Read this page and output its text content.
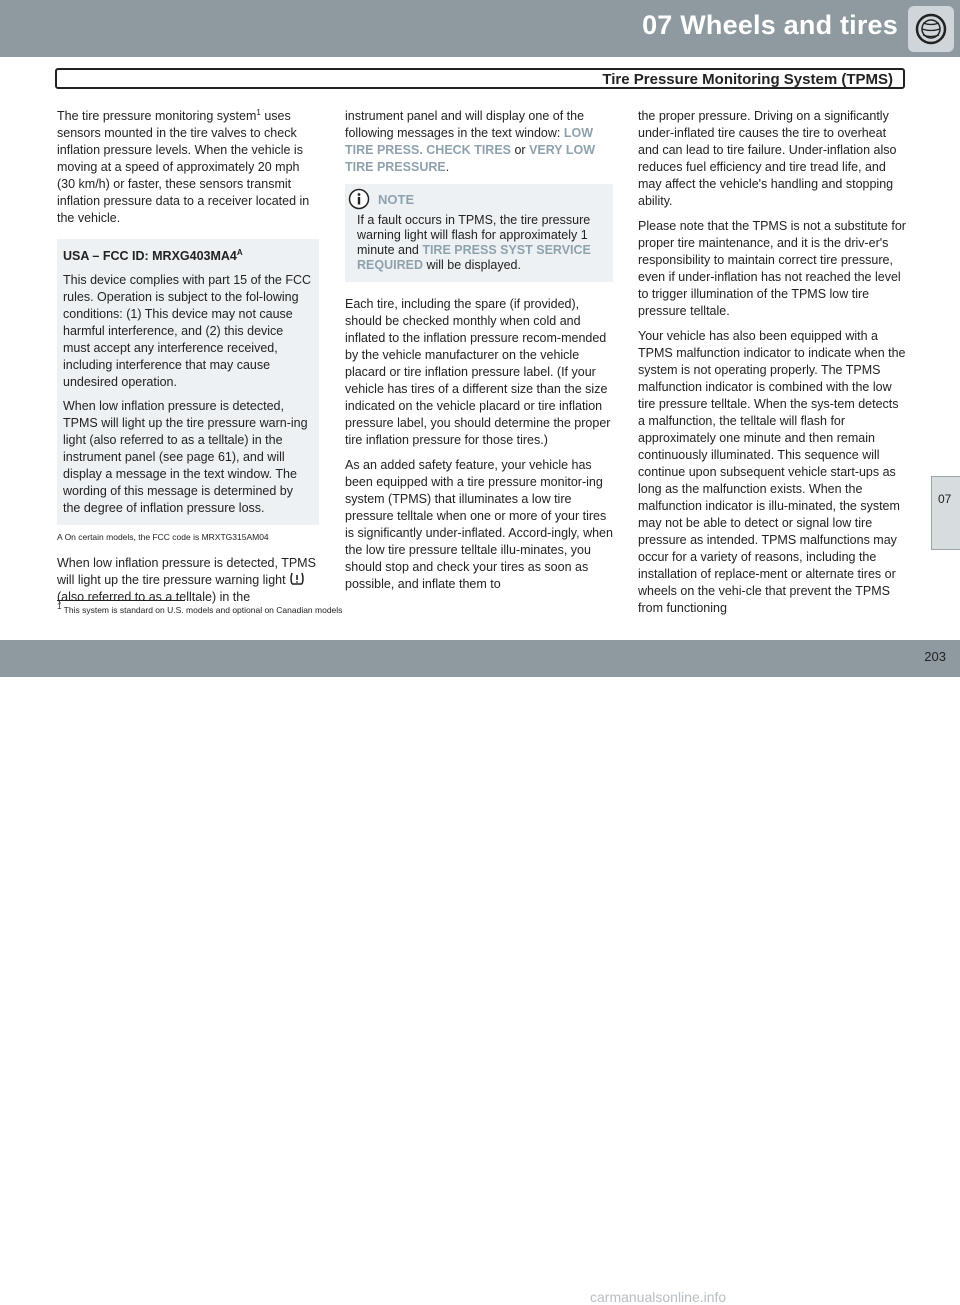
07 Wheels and tires
Tire Pressure Monitoring System (TPMS)
07

The tire pressure monitoring system$^1$ uses sensors mounted in the tire valves to check inflation pressure levels. When the vehicle is moving at a speed of approximately 20 mph (30 km/h) or faster, these sensors transmit inflation pressure data to a receiver located in the vehicle.

USA – FCC ID: $MRXG403MA4^A$

This device complies with part 15 of the FCC rules. Operation is subject to the fol-lowing conditions: (1) This device may not cause harmful interference, and (2) this device must accept any interference received, including interference that may cause undesired operation.

When low inflation pressure is detected, TPMS will light up the tire pressure warn-ing light (also referred to as a telltale) in the instrument panel (see page 61), and will display a message in the text window. The wording of this message is determined by the degree of inflation pressure loss.

A On certain models, the FCC code is MRXTG315AM04

When low inflation pressure is detected, TPMS will light up the tire pressure warning light  (also referred to as a telltale) in the

instrument panel and will display one of the following messages in the text window: LOW TIRE PRESS. CHECK TIRES or VERY LOW TIRE PRESSURE.

NOTE
If a fault occurs in TPMS, the tire pressure warning light will flash for approximately 1 minute and TIRE PRESS SYST SERVICE REQUIRED will be displayed.

Each tire, including the spare (if provided), should be checked monthly when cold and inflated to the inflation pressure recom-mended by the vehicle manufacturer on the vehicle placard or tire inflation pressure label. (If your vehicle has tires of a different size than the size indicated on the vehicle placard or tire inflation pressure label, you should determine the proper tire inflation pressure for those tires.)

As an added safety feature, your vehicle has been equipped with a tire pressure monitor-ing system (TPMS) that illuminates a low tire pressure telltale when one or more of your tires is significantly under-inflated. Accord-ingly, when the low tire pressure telltale illu-minates, you should stop and check your tires as soon as possible, and inflate them to

the proper pressure. Driving on a significantly under-inflated tire causes the tire to overheat and can lead to tire failure. Under-inflation also reduces fuel efficiency and tire tread life, and may affect the vehicle's handling and stopping ability.

Please note that the TPMS is not a substitute for proper tire maintenance, and it is the driv-er's responsibility to maintain correct tire pressure, even if under-inflation has not reached the level to trigger illumination of the TPMS low tire pressure telltale.

Your vehicle has also been equipped with a TPMS malfunction indicator to indicate when the system is not operating properly. The TPMS malfunction indicator is combined with the low tire pressure telltale. When the sys-tem detects a malfunction, the telltale will flash for approximately one minute and then remain continuously illuminated. This sequence will continue upon subsequent vehicle start-ups as long as the malfunction exists. When the malfunction indicator is illu-minated, the system may not be able to detect or signal low tire pressure as intended. TPMS malfunctions may occur for a variety of reasons, including the installation of replace-ment or alternate tires or wheels on the vehi-cle that prevent the TPMS from functioning

$^1$ This system is standard on U.S. models and optional on Canadian models
carmanualsonline.info
203
